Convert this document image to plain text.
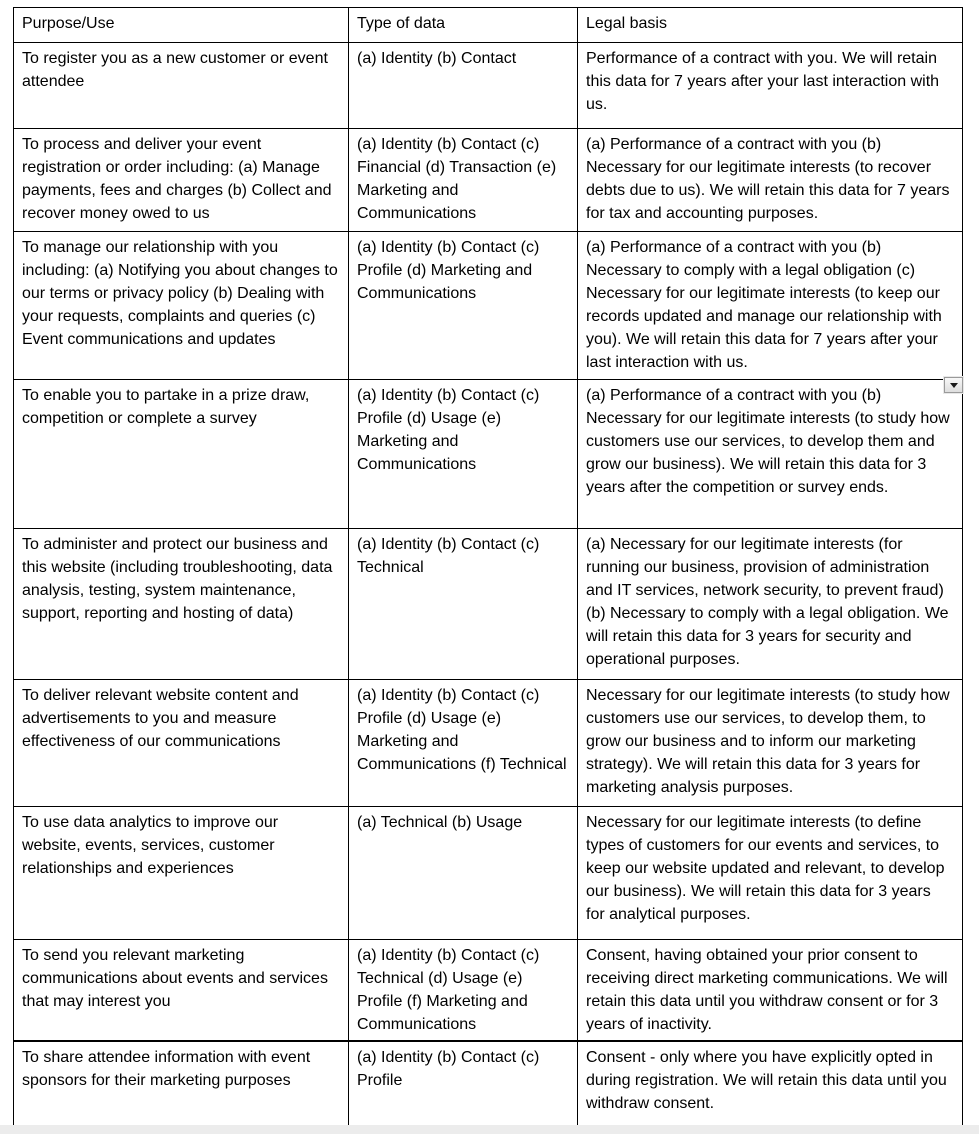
Purpose/Use	Type of data	Legal basis
To register you as a new customer or event attendee	(a) Identity (b) Contact	Performance of a contract with you. We will retain this data for 7 years after your last interaction with us.
To process and deliver your event registration or order including: (a) Manage payments, fees and charges (b) Collect and recover money owed to us	(a) Identity (b) Contact (c) Financial (d) Transaction (e) Marketing and Communications	(a) Performance of a contract with you (b) Necessary for our legitimate interests (to recover debts due to us). We will retain this data for 7 years for tax and accounting purposes.
To manage our relationship with you including: (a) Notifying you about changes to our terms or privacy policy (b) Dealing with your requests, complaints and queries (c) Event communications and updates	(a) Identity (b) Contact (c) Profile (d) Marketing and Communications	(a) Performance of a contract with you (b) Necessary to comply with a legal obligation (c) Necessary for our legitimate interests (to keep our records updated and manage our relationship with you). We will retain this data for 7 years after your last interaction with us.
To enable you to partake in a prize draw, competition or complete a survey	(a) Identity (b) Contact (c) Profile (d) Usage (e) Marketing and Communications	(a) Performance of a contract with you (b) Necessary for our legitimate interests (to study how customers use our services, to develop them and grow our business). We will retain this data for 3 years after the competition or survey ends.
To administer and protect our business and this website (including troubleshooting, data analysis, testing, system maintenance, support, reporting and hosting of data)	(a) Identity (b) Contact (c) Technical	(a) Necessary for our legitimate interests (for running our business, provision of administration and IT services, network security, to prevent fraud) (b) Necessary to comply with a legal obligation. We will retain this data for 3 years for security and operational purposes.
To deliver relevant website content and advertisements to you and measure effectiveness of our communications	(a) Identity (b) Contact (c) Profile (d) Usage (e) Marketing and Communications (f) Technical	Necessary for our legitimate interests (to study how customers use our services, to develop them, to grow our business and to inform our marketing strategy). We will retain this data for 3 years for marketing analysis purposes.
To use data analytics to improve our website, events, services, customer relationships and experiences	(a) Technical (b) Usage	Necessary for our legitimate interests (to define types of customers for our events and services, to keep our website updated and relevant, to develop our business). We will retain this data for 3 years for analytical purposes.
To send you relevant marketing communications about events and services that may interest you	(a) Identity (b) Contact (c) Technical (d) Usage (e) Profile (f) Marketing and Communications	Consent, having obtained your prior consent to receiving direct marketing communications. We will retain this data until you withdraw consent or for 3 years of inactivity.
To share attendee information with event sponsors for their marketing purposes	(a) Identity (b) Contact (c) Profile	Consent - only where you have explicitly opted in during registration. We will retain this data until you withdraw consent.
